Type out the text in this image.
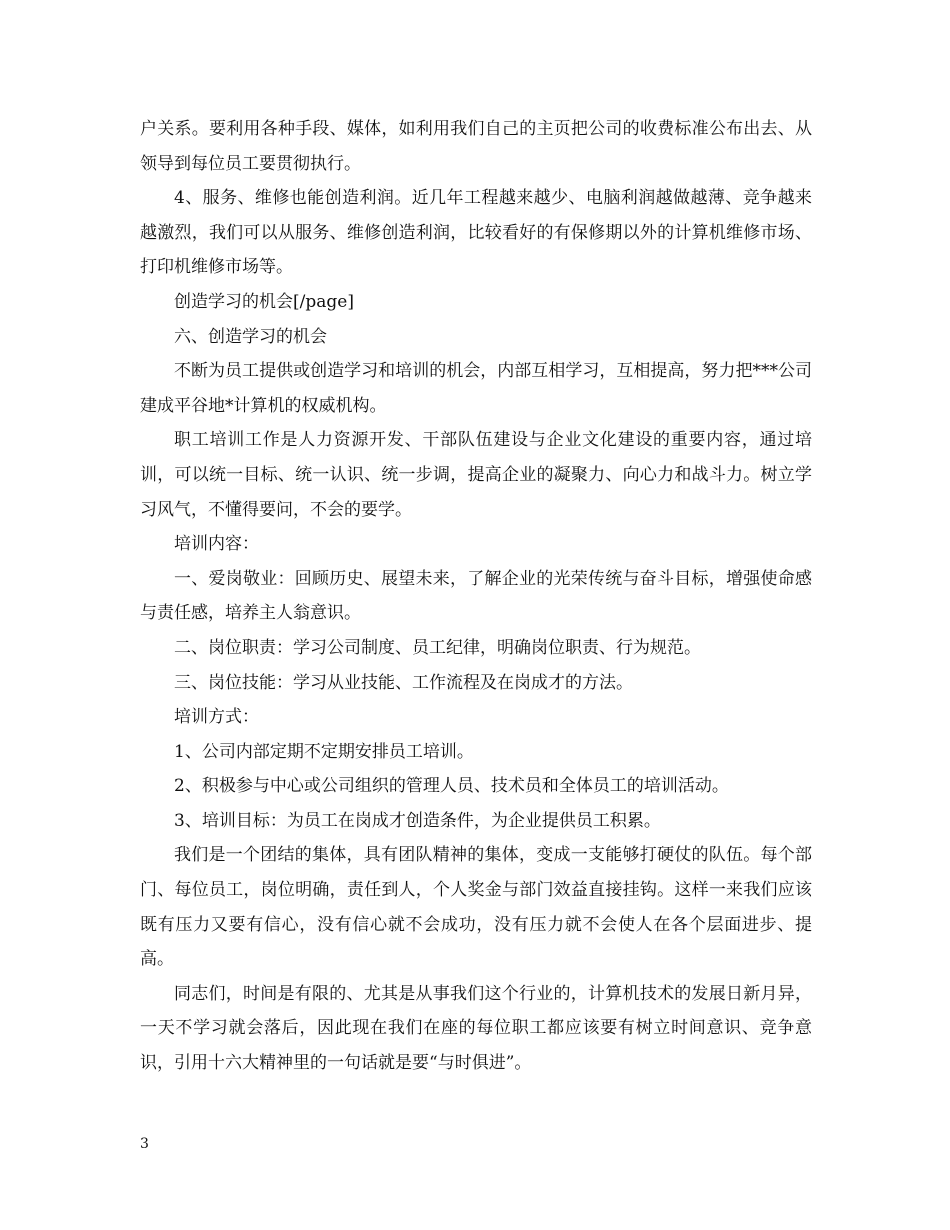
户关系。要利用各种手段、媒体，如利用我们自己的主页把公司的收费标准公布出去、从领导到每位员工要贯彻执行。

4、服务、维修也能创造利润。近几年工程越来越少、电脑利润越做越薄、竞争越来越激烈，我们可以从服务、维修创造利润，比较看好的有保修期以外的计算机维修市场、打印机维修市场等。

创造学习的机会[/page]

六、创造学习的机会

不断为员工提供或创造学习和培训的机会，内部互相学习，互相提高，努力把***公司建成平谷地*计算机的权威机构。

职工培训工作是人力资源开发、干部队伍建设与企业文化建设的重要内容，通过培训，可以统一目标、统一认识、统一步调，提高企业的凝聚力、向心力和战斗力。树立学习风气，不懂得要问，不会的要学。

培训内容：

一、爱岗敬业：回顾历史、展望未来，了解企业的光荣传统与奋斗目标，增强使命感与责任感，培养主人翁意识。

二、岗位职责：学习公司制度、员工纪律，明确岗位职责、行为规范。

三、岗位技能：学习从业技能、工作流程及在岗成才的方法。

培训方式：

1、公司内部定期不定期安排员工培训。

2、积极参与中心或公司组织的管理人员、技术员和全体员工的培训活动。

3、培训目标：为员工在岗成才创造条件，为企业提供员工积累。

我们是一个团结的集体，具有团队精神的集体，变成一支能够打硬仗的队伍。每个部门、每位员工，岗位明确，责任到人，个人奖金与部门效益直接挂钩。这样一来我们应该既有压力又要有信心，没有信心就不会成功，没有压力就不会使人在各个层面进步、提高。

同志们，时间是有限的、尤其是从事我们这个行业的，计算机技术的发展日新月异，一天不学习就会落后，因此现在我们在座的每位职工都应该要有树立时间意识、竞争意识，引用十六大精神里的一句话就是要“与时俱进”。

3
